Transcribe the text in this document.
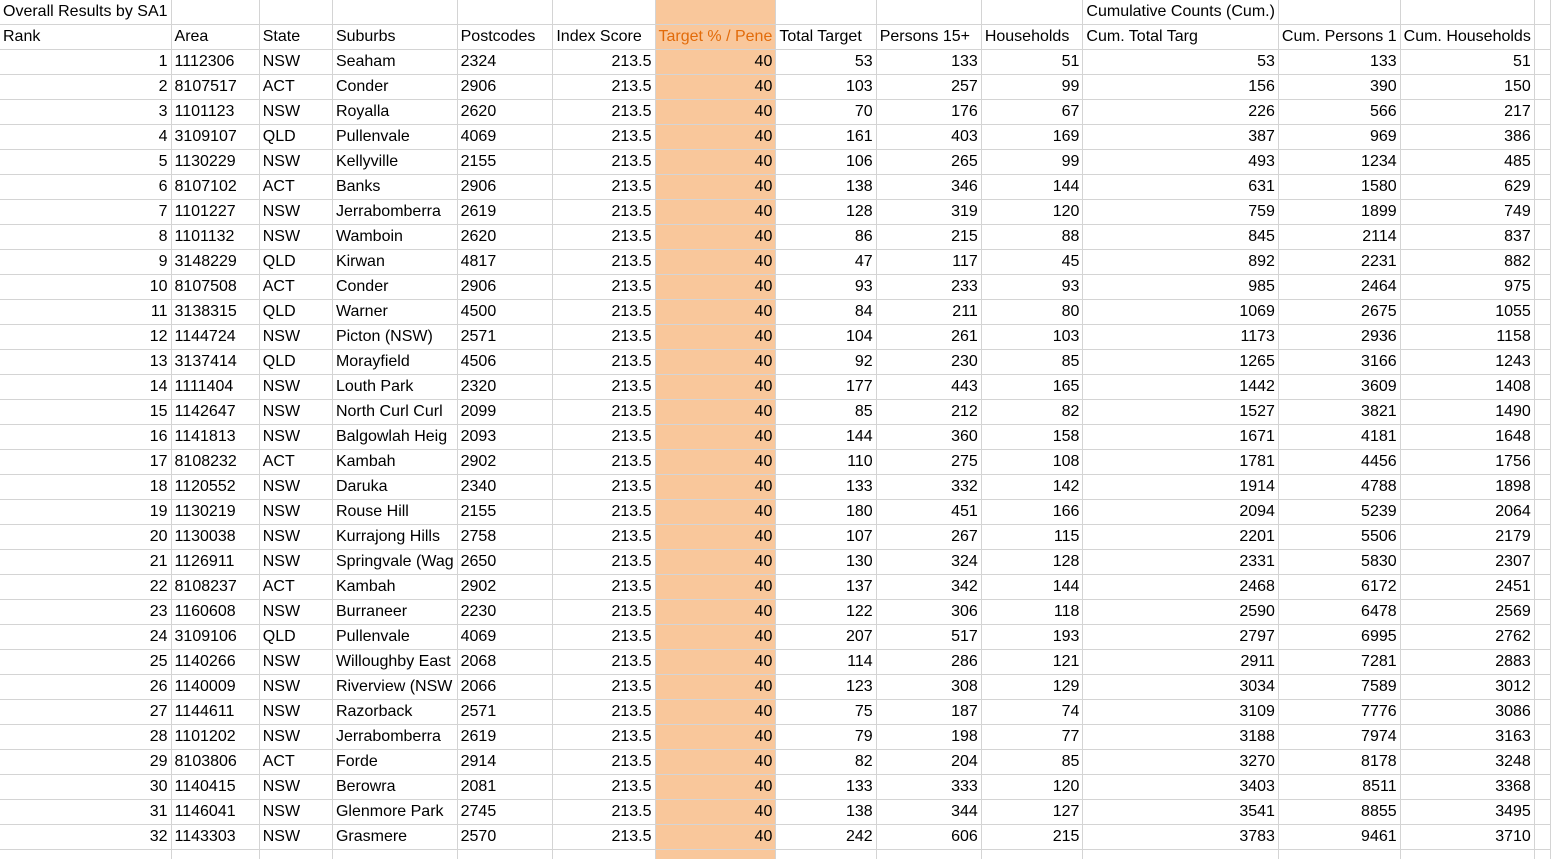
Overall Results by SA1										Cumulative Counts (Cum.)			
Rank	Area	State	Suburbs	Postcodes	Index Score	Target % / Pene	Total Target	Persons 15+	Households	Cum. Total Targ	Cum. Persons 1	Cum. Households	
1	1112306	NSW	Seaham	2324	213.5	40	53	133	51	53	133	51	
2	8107517	ACT	Conder	2906	213.5	40	103	257	99	156	390	150	
3	1101123	NSW	Royalla	2620	213.5	40	70	176	67	226	566	217	
4	3109107	QLD	Pullenvale	4069	213.5	40	161	403	169	387	969	386	
5	1130229	NSW	Kellyville	2155	213.5	40	106	265	99	493	1234	485	
6	8107102	ACT	Banks	2906	213.5	40	138	346	144	631	1580	629	
7	1101227	NSW	Jerrabomberra	2619	213.5	40	128	319	120	759	1899	749	
8	1101132	NSW	Wamboin	2620	213.5	40	86	215	88	845	2114	837	
9	3148229	QLD	Kirwan	4817	213.5	40	47	117	45	892	2231	882	
10	8107508	ACT	Conder	2906	213.5	40	93	233	93	985	2464	975	
11	3138315	QLD	Warner	4500	213.5	40	84	211	80	1069	2675	1055	
12	1144724	NSW	Picton (NSW)	2571	213.5	40	104	261	103	1173	2936	1158	
13	3137414	QLD	Morayfield	4506	213.5	40	92	230	85	1265	3166	1243	
14	1111404	NSW	Louth Park	2320	213.5	40	177	443	165	1442	3609	1408	
15	1142647	NSW	North Curl Curl	2099	213.5	40	85	212	82	1527	3821	1490	
16	1141813	NSW	Balgowlah Heig	2093	213.5	40	144	360	158	1671	4181	1648	
17	8108232	ACT	Kambah	2902	213.5	40	110	275	108	1781	4456	1756	
18	1120552	NSW	Daruka	2340	213.5	40	133	332	142	1914	4788	1898	
19	1130219	NSW	Rouse Hill	2155	213.5	40	180	451	166	2094	5239	2064	
20	1130038	NSW	Kurrajong Hills	2758	213.5	40	107	267	115	2201	5506	2179	
21	1126911	NSW	Springvale (Wag	2650	213.5	40	130	324	128	2331	5830	2307	
22	8108237	ACT	Kambah	2902	213.5	40	137	342	144	2468	6172	2451	
23	1160608	NSW	Burraneer	2230	213.5	40	122	306	118	2590	6478	2569	
24	3109106	QLD	Pullenvale	4069	213.5	40	207	517	193	2797	6995	2762	
25	1140266	NSW	Willoughby East	2068	213.5	40	114	286	121	2911	7281	2883	
26	1140009	NSW	Riverview (NSW	2066	213.5	40	123	308	129	3034	7589	3012	
27	1144611	NSW	Razorback	2571	213.5	40	75	187	74	3109	7776	3086	
28	1101202	NSW	Jerrabomberra	2619	213.5	40	79	198	77	3188	7974	3163	
29	8103806	ACT	Forde	2914	213.5	40	82	204	85	3270	8178	3248	
30	1140415	NSW	Berowra	2081	213.5	40	133	333	120	3403	8511	3368	
31	1146041	NSW	Glenmore Park	2745	213.5	40	138	344	127	3541	8855	3495	
32	1143303	NSW	Grasmere	2570	213.5	40	242	606	215	3783	9461	3710	
